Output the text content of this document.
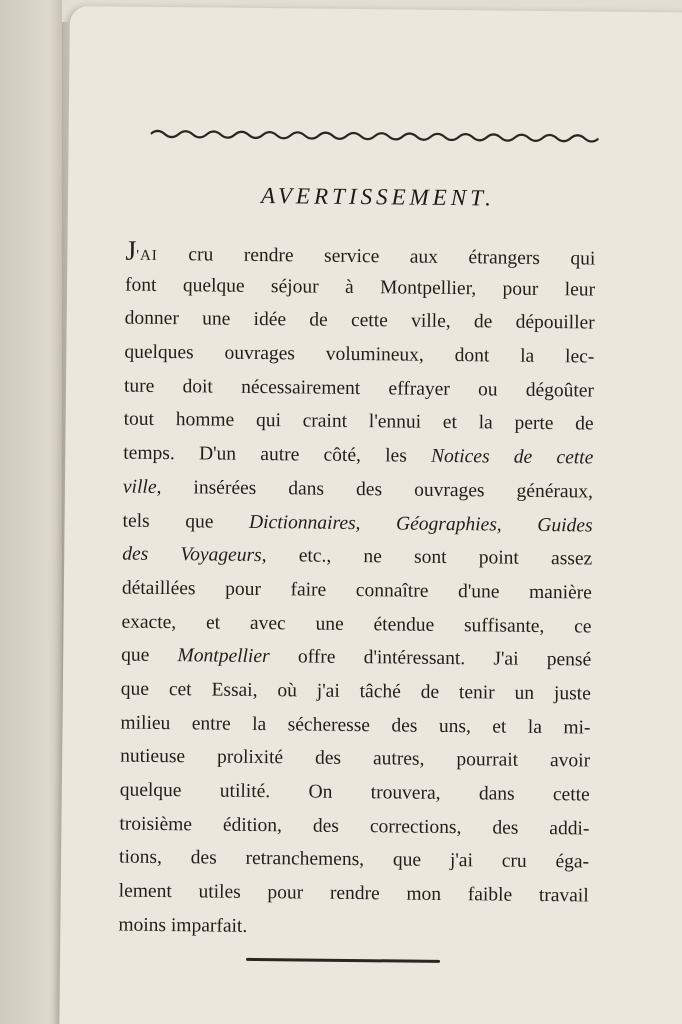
AVERTISSEMENT.
J'AI cru rendre service aux étrangers qui
font quelque séjour à Montpellier, pour leur
donner une idée de cette ville, de dépouiller
quelques ouvrages volumineux, dont la lec-
ture doit nécessairement effrayer ou dégoûter
tout homme qui craint l'ennui et la perte de
temps. D'un autre côté, les Notices de cette
ville, insérées dans des ouvrages généraux,
tels que Dictionnaires, Géographies, Guides
des Voyageurs, etc., ne sont point assez
détaillées pour faire connaître d'une manière
exacte, et avec une étendue suffisante, ce
que Montpellier offre d'intéressant. J'ai pensé
que cet Essai, où j'ai tâché de tenir un juste
milieu entre la sécheresse des uns, et la mi-
nutieuse prolixité des autres, pourrait avoir
quelque utilité. On trouvera, dans cette
troisième édition, des corrections, des addi-
tions, des retranchemens, que j'ai cru éga-
lement utiles pour rendre mon faible travail
moins imparfait.
